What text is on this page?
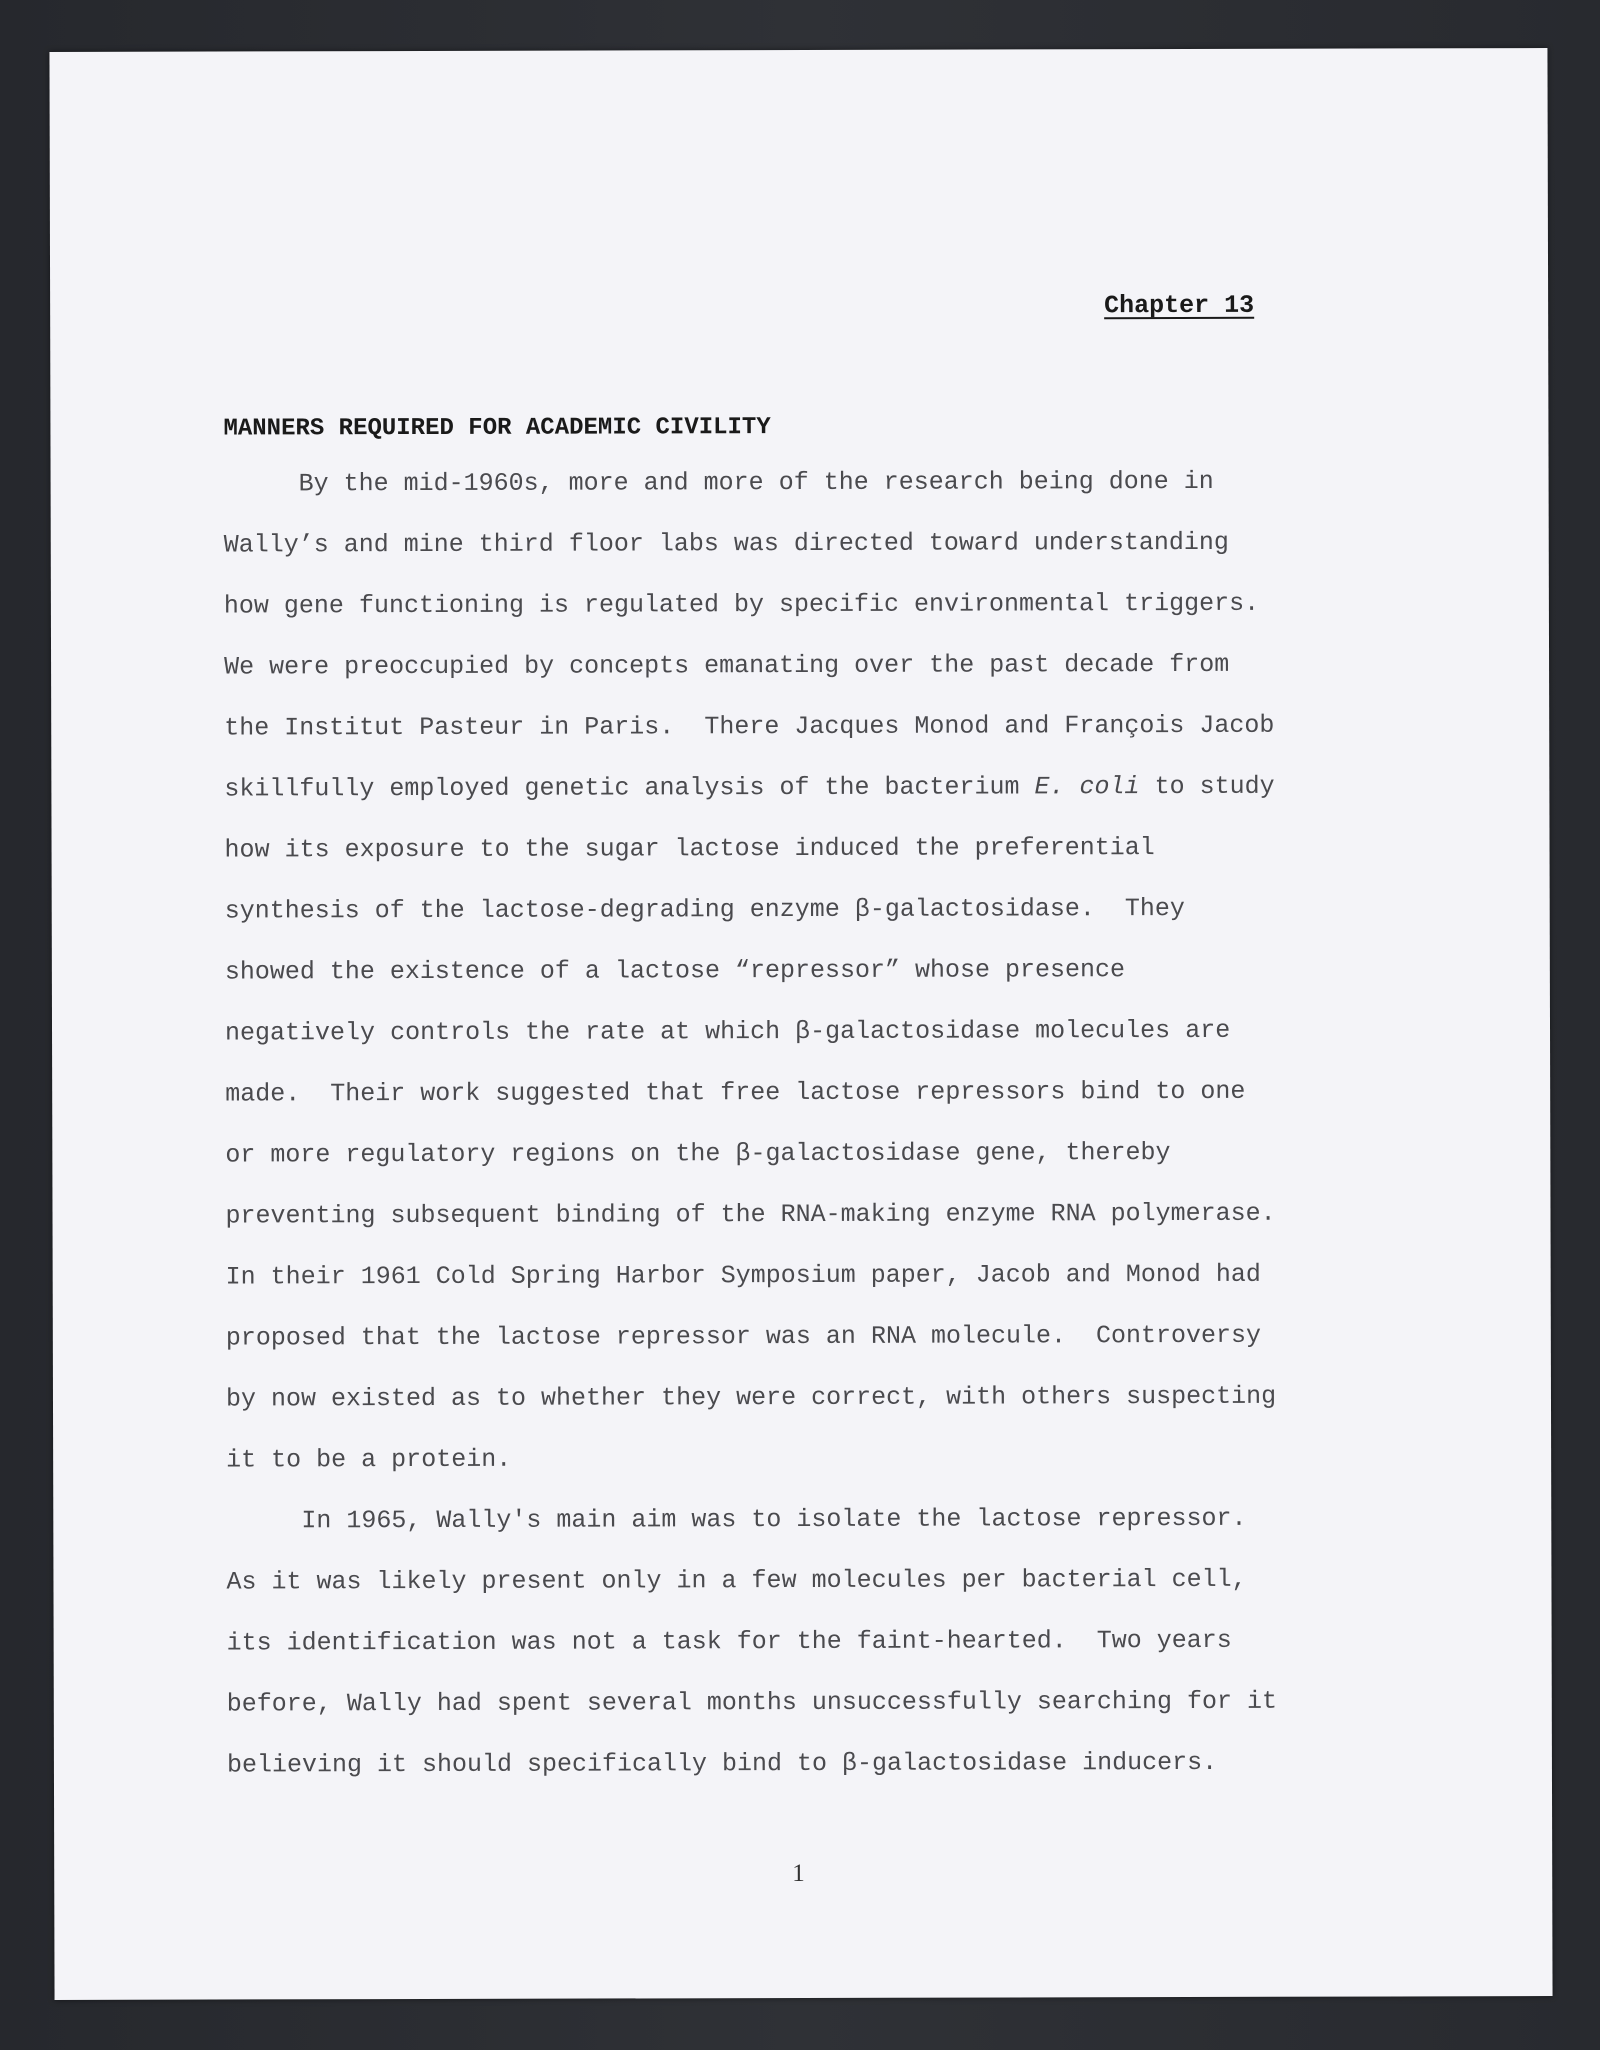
Chapter 13

MANNERS REQUIRED FOR ACADEMIC CIVILITY

By the mid-1960s, more and more of the research being done in

Wally’s and mine third floor labs was directed toward understanding

how gene functioning is regulated by specific environmental triggers.

We were preoccupied by concepts emanating over the past decade from

the Institut Pasteur in Paris.  There Jacques Monod and François Jacob

skillfully employed genetic analysis of the bacterium E. coli to study

how its exposure to the sugar lactose induced the preferential

synthesis of the lactose-degrading enzyme β-galactosidase.  They

showed the existence of a lactose “repressor” whose presence

negatively controls the rate at which β-galactosidase molecules are

made.  Their work suggested that free lactose repressors bind to one

or more regulatory regions on the β-galactosidase gene, thereby

preventing subsequent binding of the RNA-making enzyme RNA polymerase.

In their 1961 Cold Spring Harbor Symposium paper, Jacob and Monod had

proposed that the lactose repressor was an RNA molecule.  Controversy

by now existed as to whether they were correct, with others suspecting

it to be a protein.

In 1965, Wally's main aim was to isolate the lactose repressor.

As it was likely present only in a few molecules per bacterial cell,

its identification was not a task for the faint-hearted.  Two years

before, Wally had spent several months unsuccessfully searching for it

believing it should specifically bind to β-galactosidase inducers.

1
